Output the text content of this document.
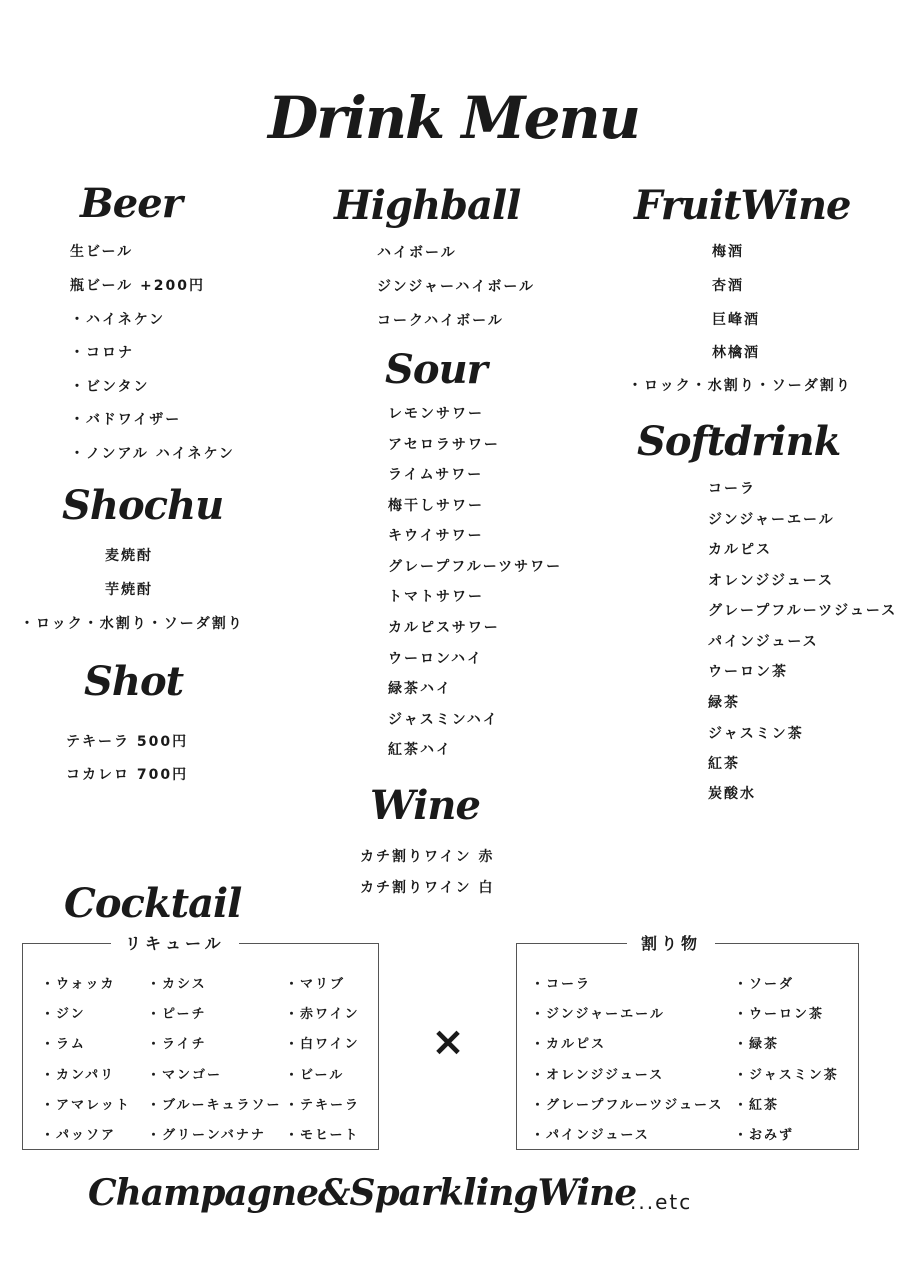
Drink Menu
Beer
生ビール
瓶ビール +200円
・ハイネケン
・コロナ
・ビンタン
・バドワイザー
・ノンアル ハイネケン
Shochu
麦焼酎
芋焼酎
・ロック・水割り・ソーダ割り
Shot
テキーラ 500円
コカレロ 700円
Highball
ハイボール
ジンジャーハイボール
コークハイボール
Sour
レモンサワー
アセロラサワー
ライムサワー
梅干しサワー
キウイサワー
グレープフルーツサワー
トマトサワー
カルピスサワー
ウーロンハイ
緑茶ハイ
ジャスミンハイ
紅茶ハイ
Wine
カチ割りワイン 赤
カチ割りワイン 白
FruitWine
梅酒
杏酒
巨峰酒
林檎酒
・ロック・水割り・ソーダ割り
Softdrink
コーラ
ジンジャーエール
カルピス
オレンジジュース
グレープフルーツジュース
パインジュース
ウーロン茶
緑茶
ジャスミン茶
紅茶
炭酸水
Cocktail
リキュール
・ウォッカ
・ジン
・ラム
・カンパリ
・アマレット
・パッソア
・カシス
・ピーチ
・ライチ
・マンゴー
・ブルーキュラソー
・グリーンバナナ
・マリブ
・赤ワイン
・白ワイン
・ビール
・テキーラ
・モヒート
×
割り物
・コーラ
・ジンジャーエール
・カルピス
・オレンジジュース
・グレープフルーツジュース
・パインジュース
・ソーダ
・ウーロン茶
・緑茶
・ジャスミン茶
・紅茶
・おみず
Champagne&SparklingWine
...etc
